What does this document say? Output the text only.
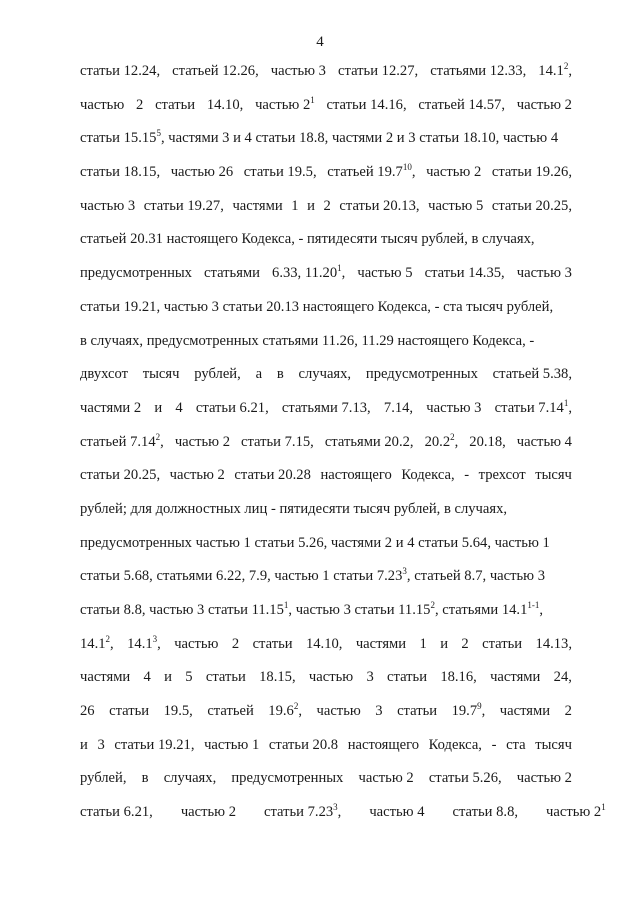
4
статьи 12.24, статьей 12.26, частью 3 статьи 12.27, статьями 12.33, 14.1$^2$,
частью 2 статьи 14.10, частью $2^1$ статьи 14.16, статьей 14.57, частью 2
статьи 15.15$^5$, частями 3 и 4 статьи 18.8, частями 2 и 3 статьи 18.10, частью 4
статьи 18.15, частью 26 статьи 19.5, статьей 19.7$^{10}$, частью 2 статьи 19.26,
частью 3 статьи 19.27, частями 1 и 2 статьи 20.13, частью 5 статьи 20.25,
статьей 20.31 настоящего Кодекса, - пятидесяти тысяч рублей, в случаях,
предусмотренных статьями 6.33, 11.20$^1$, частью 5 статьи 14.35, частью 3
статьи 19.21, частью 3 статьи 20.13 настоящего Кодекса, - ста тысяч рублей,
в случаях, предусмотренных статьями 11.26, 11.29 настоящего Кодекса, -
двухсот тысяч рублей, а в случаях, предусмотренных статьей 5.38,
частями 2 и 4 статьи 6.21, статьями 7.13, 7.14, частью 3 статьи 7.14$^1$,
статьей 7.14$^2$, частью 2 статьи 7.15, статьями 20.2, 20.2$^2$, 20.18, частью 4
статьи 20.25, частью 2 статьи 20.28 настоящего Кодекса, - трехсот тысяч
рублей; для должностных лиц - пятидесяти тысяч рублей, в случаях,
предусмотренных частью 1 статьи 5.26, частями 2 и 4 статьи 5.64, частью 1
статьи 5.68, статьями 6.22, 7.9, частью 1 статьи 7.23$^3$, статьей 8.7, частью 3
статьи 8.8, частью 3 статьи 11.15$^1$, частью 3 статьи 11.15$^2$, статьями 14.1$^{1-1}$,
14.1$^2$, 14.1$^3$, частью 2 статьи 14.10, частями 1 и 2 статьи 14.13,
частями 4 и 5 статьи 18.15, частью 3 статьи 18.16, частями 24,
26 статьи 19.5, статьей 19.6$^2$, частью 3 статьи 19.7$^9$, частями 2
и 3 статьи 19.21, частью 1 статьи 20.8 настоящего Кодекса, - ста тысяч
рублей, в случаях, предусмотренных частью 2 статьи 5.26, частью 2
статьи 6.21, частью 2 статьи 7.23$^3$, частью 4 статьи 8.8, частью $2^1$
